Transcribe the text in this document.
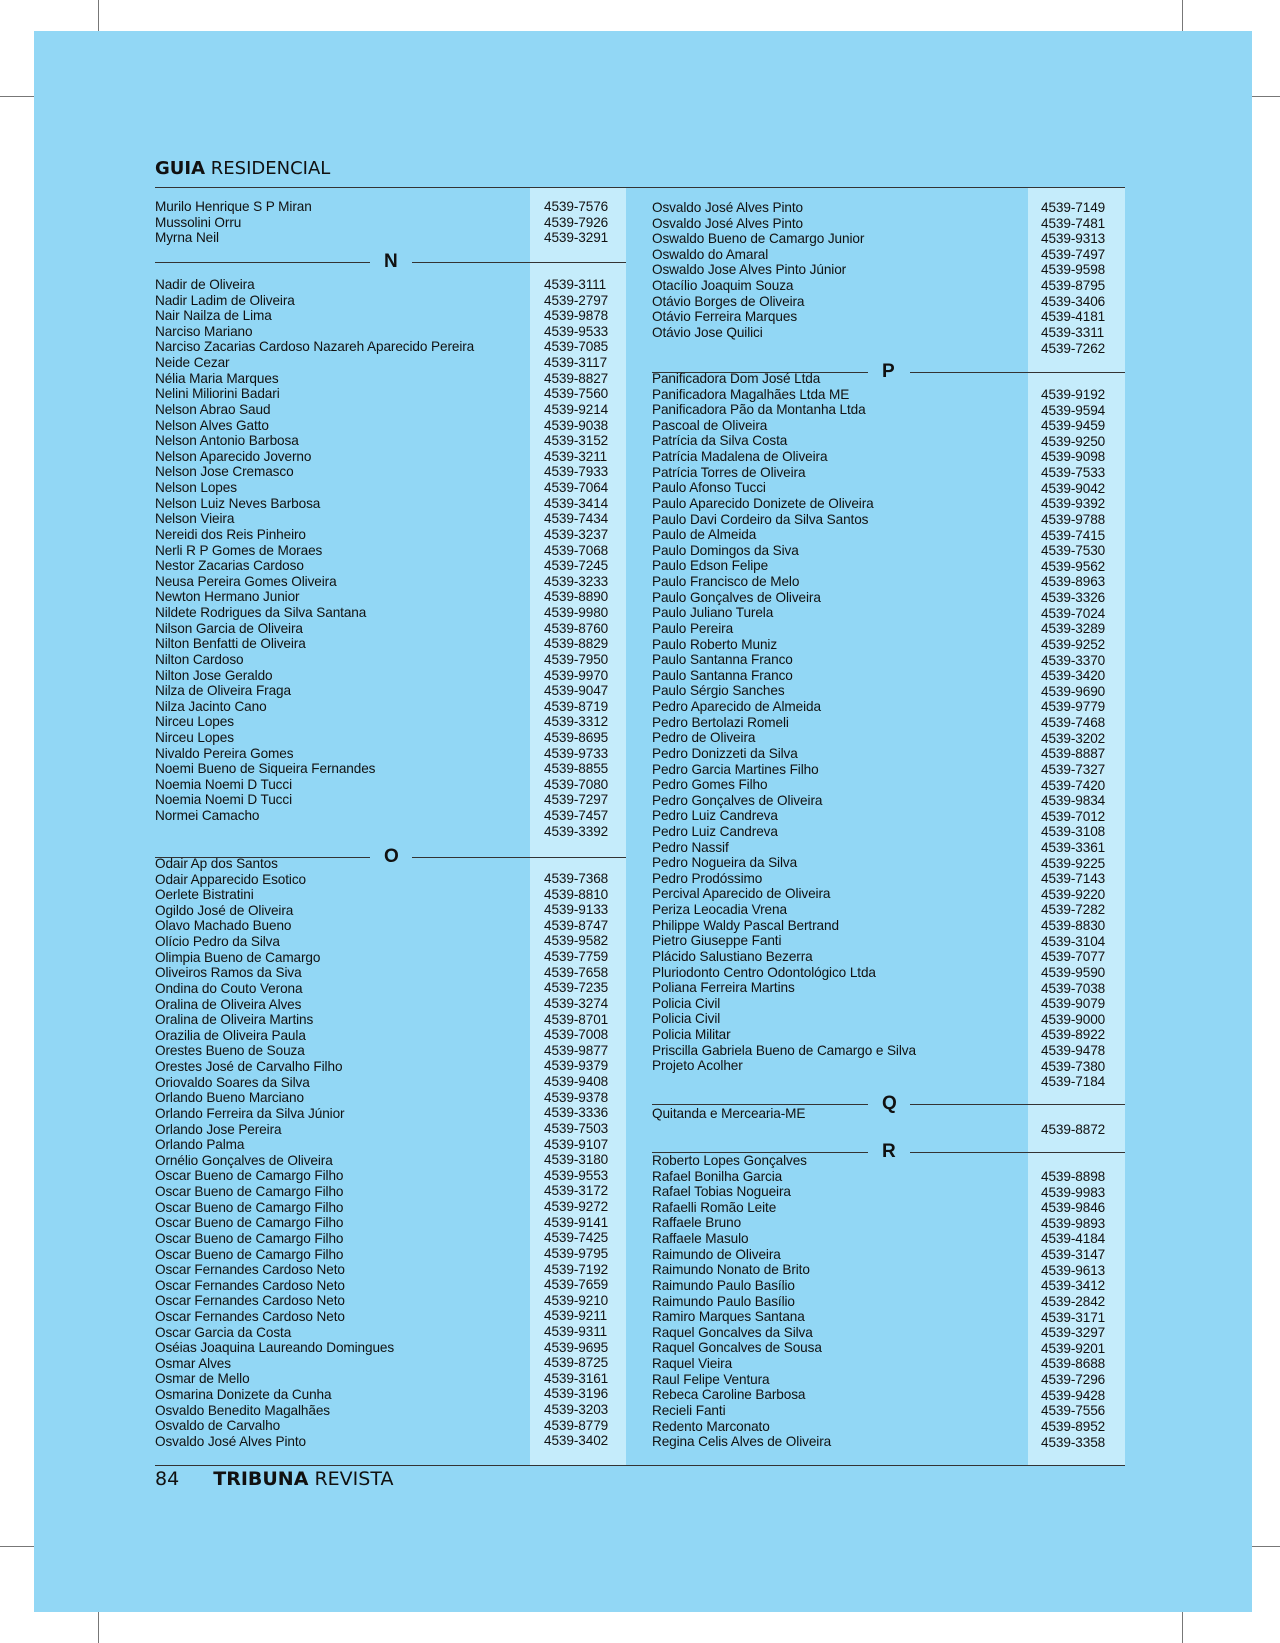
GUIA RESIDENCIAL
Murilo Henrique S P Miran
Mussolini Orru
Myrna Neil
4539-7576
4539-7926
4539-3291
N
Nadir de Oliveira
Nadir Ladim de Oliveira
Nair Nailza de Lima
Narciso Mariano
Narciso Zacarias Cardoso Nazareh Aparecido Pereira
Neide Cezar
Nélia Maria Marques
Nelini Miliorini Badari
Nelson Abrao Saud
Nelson Alves Gatto
Nelson Antonio Barbosa
Nelson Aparecido Joverno
Nelson Jose Cremasco
Nelson Lopes
Nelson Luiz Neves Barbosa
Nelson Vieira
Nereidi dos Reis Pinheiro
Nerli R P Gomes de Moraes
Nestor Zacarias Cardoso
Neusa Pereira Gomes Oliveira
Newton Hermano Junior
Nildete Rodrigues da Silva Santana
Nilson Garcia de Oliveira
Nilton Benfatti de Oliveira
Nilton Cardoso
Nilton Jose Geraldo
Nilza de Oliveira Fraga
Nilza Jacinto Cano
Nirceu Lopes
Nirceu Lopes
Nivaldo Pereira Gomes
Noemi Bueno de Siqueira Fernandes
Noemia Noemi D Tucci
Noemia Noemi D Tucci
Normei Camacho
4539-3111
4539-2797
4539-9878
4539-9533
4539-7085
4539-3117
4539-8827
4539-7560
4539-9214
4539-9038
4539-3152
4539-3211
4539-7933
4539-7064
4539-3414
4539-7434
4539-3237
4539-7068
4539-7245
4539-3233
4539-8890
4539-9980
4539-8760
4539-8829
4539-7950
4539-9970
4539-9047
4539-8719
4539-3312
4539-8695
4539-9733
4539-8855
4539-7080
4539-7297
4539-7457
4539-3392
O
Odair Ap dos Santos
Odair Apparecido Esotico
Oerlete Bistratini
Ogildo José de Oliveira
Olavo Machado Bueno
Olício Pedro da Silva
Olimpia Bueno de Camargo
Oliveiros Ramos da Siva
Ondina do Couto Verona
Oralina de Oliveira Alves
Oralina de Oliveira Martins
Orazilia de Oliveira Paula
Orestes Bueno de Souza
Orestes José de Carvalho Filho
Oriovaldo Soares da Silva
Orlando Bueno Marciano
Orlando Ferreira da Silva Júnior
Orlando Jose Pereira
Orlando Palma
Ornélio Gonçalves de Oliveira
Oscar Bueno de Camargo Filho
Oscar Bueno de Camargo Filho
Oscar Bueno de Camargo Filho
Oscar Bueno de Camargo Filho
Oscar Bueno de Camargo Filho
Oscar Bueno de Camargo Filho
Oscar Fernandes Cardoso Neto
Oscar Fernandes Cardoso Neto
Oscar Fernandes Cardoso Neto
Oscar Fernandes Cardoso Neto
Oscar Garcia da Costa
Oséias Joaquina Laureando Domingues
Osmar Alves
Osmar de Mello
Osmarina Donizete da Cunha
Osvaldo Benedito Magalhães
Osvaldo de Carvalho
Osvaldo José Alves Pinto
4539-7368
4539-8810
4539-9133
4539-8747
4539-9582
4539-7759
4539-7658
4539-7235
4539-3274
4539-8701
4539-7008
4539-9877
4539-9379
4539-9408
4539-9378
4539-3336
4539-7503
4539-9107
4539-3180
4539-9553
4539-3172
4539-9272
4539-9141
4539-7425
4539-9795
4539-7192
4539-7659
4539-9210
4539-9211
4539-9311
4539-9695
4539-8725
4539-3161
4539-3196
4539-3203
4539-8779
4539-3402
Osvaldo José Alves Pinto
Osvaldo José Alves Pinto
Oswaldo Bueno de Camargo Junior
Oswaldo do Amaral
Oswaldo Jose Alves Pinto Júnior
Otacílio Joaquim Souza
Otávio Borges de Oliveira
Otávio Ferreira Marques
Otávio Jose Quilici
4539-7149
4539-7481
4539-9313
4539-7497
4539-9598
4539-8795
4539-3406
4539-4181
4539-3311
4539-7262
P
Panificadora Dom José Ltda
Panificadora Magalhães Ltda ME
Panificadora Pão da Montanha Ltda
Pascoal de Oliveira
Patrícia da Silva Costa
Patrícia Madalena de Oliveira
Patrícia Torres de Oliveira
Paulo Afonso Tucci
Paulo Aparecido Donizete de Oliveira
Paulo Davi Cordeiro da Silva Santos
Paulo de Almeida
Paulo Domingos da Siva
Paulo Edson Felipe
Paulo Francisco de Melo
Paulo Gonçalves de Oliveira
Paulo Juliano Turela
Paulo Pereira
Paulo Roberto Muniz
Paulo Santanna Franco
Paulo Santanna Franco
Paulo Sérgio Sanches
Pedro Aparecido de Almeida
Pedro Bertolazi Romeli
Pedro de Oliveira
Pedro Donizzeti da Silva
Pedro Garcia Martines Filho
Pedro Gomes Filho
Pedro Gonçalves de Oliveira
Pedro Luiz Candreva
Pedro Luiz Candreva
Pedro Nassif
Pedro Nogueira da Silva
Pedro Prodóssimo
Percival Aparecido de Oliveira
Periza Leocadia Vrena
Philippe Waldy Pascal Bertrand
Pietro Giuseppe Fanti
Plácido Salustiano Bezerra
Pluriodonto Centro Odontológico Ltda
Poliana Ferreira Martins
Policia Civil
Policia Civil
Policia Militar
Priscilla Gabriela Bueno de Camargo e Silva
Projeto Acolher
4539-9192
4539-9594
4539-9459
4539-9250
4539-9098
4539-7533
4539-9042
4539-9392
4539-9788
4539-7415
4539-7530
4539-9562
4539-8963
4539-3326
4539-7024
4539-3289
4539-9252
4539-3370
4539-3420
4539-9690
4539-9779
4539-7468
4539-3202
4539-8887
4539-7327
4539-7420
4539-9834
4539-7012
4539-3108
4539-3361
4539-9225
4539-7143
4539-9220
4539-7282
4539-8830
4539-3104
4539-7077
4539-9590
4539-7038
4539-9079
4539-9000
4539-8922
4539-9478
4539-7380
4539-7184
Q
Quitanda e Mercearia-ME
4539-8872
R
Roberto Lopes Gonçalves
Rafael Bonilha Garcia
Rafael Tobias Nogueira
Rafaelli Romão Leite
Raffaele Bruno
Raffaele Masulo
Raimundo de Oliveira
Raimundo Nonato de Brito
Raimundo Paulo Basílio
Raimundo Paulo Basílio
Ramiro Marques Santana
Raquel Goncalves da Silva
Raquel Goncalves de Sousa
Raquel Vieira
Raul Felipe Ventura
Rebeca Caroline Barbosa
Recieli Fanti
Redento Marconato
Regina Celis Alves de Oliveira
4539-8898
4539-9983
4539-9846
4539-9893
4539-4184
4539-3147
4539-9613
4539-3412
4539-2842
4539-3171
4539-3297
4539-9201
4539-8688
4539-7296
4539-9428
4539-7556
4539-8952
4539-3358
84 TRIBUNA REVISTA
